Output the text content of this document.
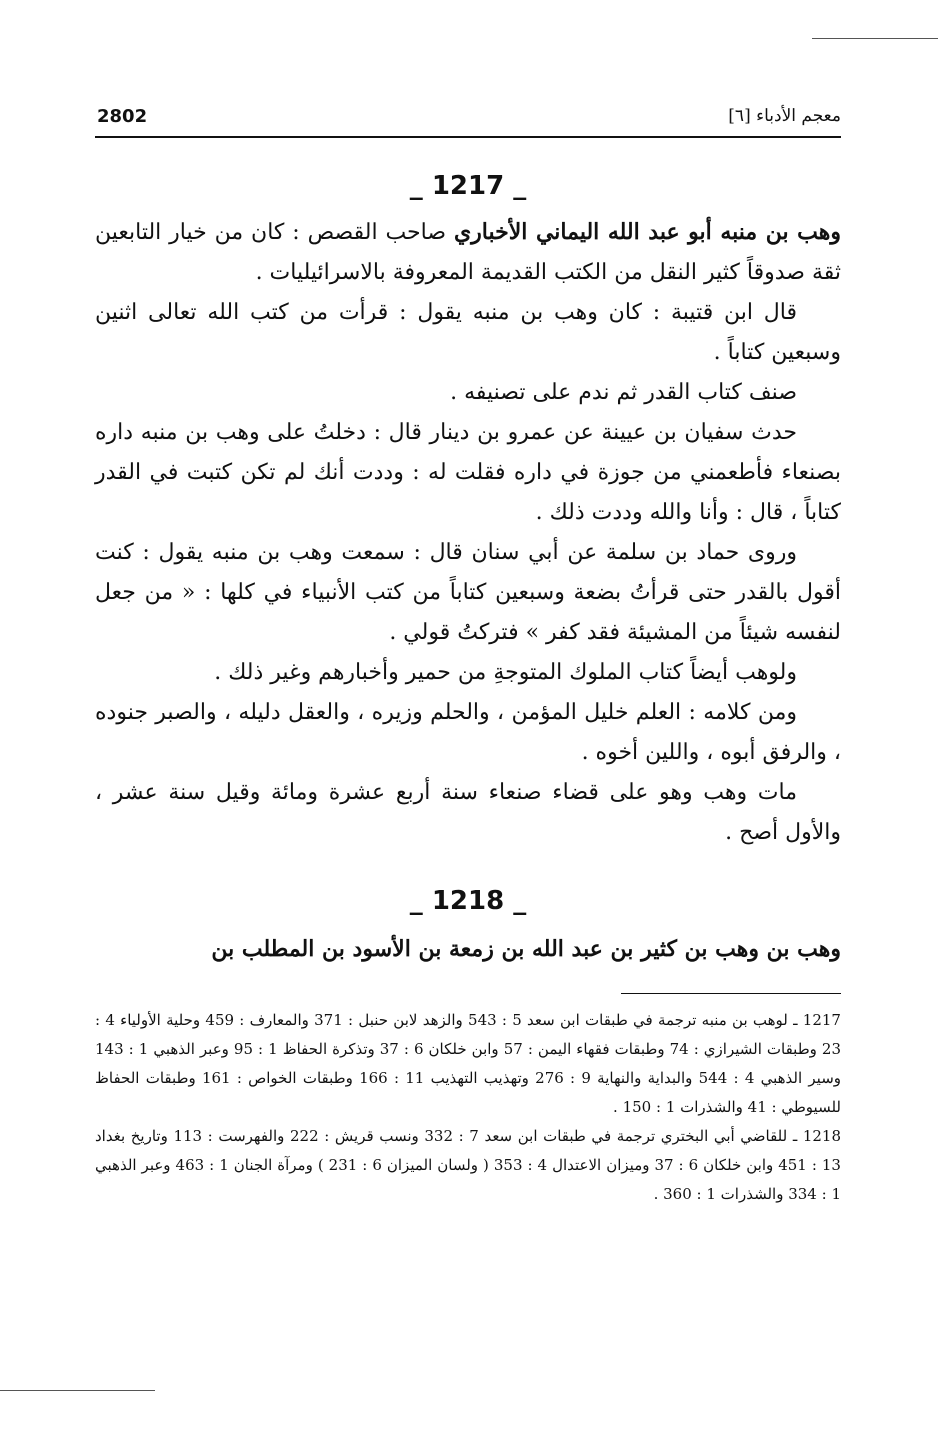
2802	معجم الأدباء [٦]
_ 1217 _

وهب بن منبه أبو عبد الله اليماني الأخباري صاحب القصص : كان من خيار التابعين ثقة صدوقاً كثير النقل من الكتب القديمة المعروفة بالاسرائيليات .

قال ابن قتيبة : كان وهب بن منبه يقول : قرأت من كتب الله تعالى اثنين وسبعين كتاباً .

صنف كتاب القدر ثم ندم على تصنيفه .

حدث سفيان بن عيينة عن عمرو بن دينار قال : دخلتُ على وهب بن منبه داره بصنعاء فأطعمني من جوزة في داره فقلت له : وددت أنك لم تكن كتبت في القدر كتاباً ، قال : وأنا والله وددت ذلك .

وروى حماد بن سلمة عن أبي سنان قال : سمعت وهب بن منبه يقول : كنت أقول بالقدر حتى قرأتُ بضعة وسبعين كتاباً من كتب الأنبياء في كلها : « من جعل لنفسه شيئاً من المشيئة فقد كفر » فتركتُ قولي .

ولوهب أيضاً كتاب الملوك المتوجةِ من حمير وأخبارهم وغير ذلك .

ومن كلامه : العلم خليل المؤمن ، والحلم وزيره ، والعقل دليله ، والصبر جنوده ، والرفق أبوه ، واللين أخوه .

مات وهب وهو على قضاء صنعاء سنة أربع عشرة ومائة وقيل سنة عشر ، والأول أصح .

_ 1218 _

وهب بن وهب بن كثير بن عبد الله بن زمعة بن الأسود بن المطلب بن

1217 ـ لوهب بن منبه ترجمة في طبقات ابن سعد 5 : 543 والزهد لابن حنبل : 371 والمعارف : 459 وحلية الأولياء 4 : 23 وطبقات الشيرازي : 74 وطبقات فقهاء اليمن : 57 وابن خلكان 6 : 37 وتذكرة الحفاظ 1 : 95 وعبر الذهبي 1 : 143 وسير الذهبي 4 : 544 والبداية والنهاية 9 : 276 وتهذيب التهذيب 11 : 166 وطبقات الخواص : 161 وطبقات الحفاظ للسيوطي : 41 والشذرات 1 : 150 .

1218 ـ للقاضي أبي البختري ترجمة في طبقات ابن سعد 7 : 332 ونسب قريش : 222 والفهرست : 113 وتاريخ بغداد 13 : 451 وابن خلكان 6 : 37 وميزان الاعتدال 4 : 353 ( ولسان الميزان 6 : 231 ) ومرآة الجنان 1 : 463 وعبر الذهبي 1 : 334 والشذرات 1 : 360 .
